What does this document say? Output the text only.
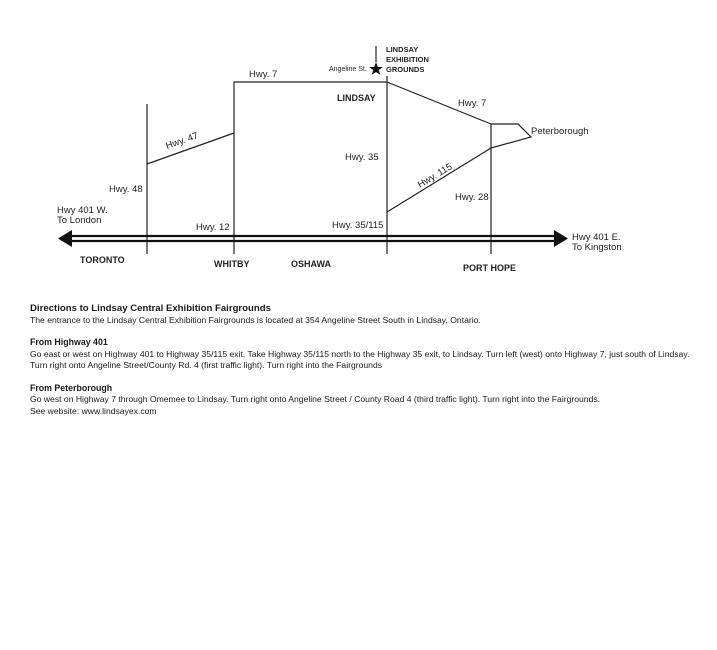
LINDSAY
EXHIBITION
GROUNDS
Angeline St.
LINDSAY
Hwy. 7
Hwy. 7
Peterborough
Hwy. 47
Hwy. 35
Hwy. 115
Hwy. 48
Hwy. 28
Hwy 401 W.
To London
Hwy. 12	Hwy. 35/115
Hwy 401 E.
To Kingston
TORONTO	WHITBY	OSHAWA	PORT HOPE
Directions to Lindsay Central Exhibition Fairgrounds

The entrance to the Lindsay Central Exhibition Fairgrounds is located at 354 Angeline Street South in Lindsay, Ontario.

From Highway 401

Go east or west on Highway 401 to Highway 35/115 exit. Take Highway 35/115 north to the Highway 35 exit, to Lindsay. Turn left (west) onto Highway 7, just south of Lindsay. Turn right onto Angeline Street/County Rd. 4 (first traffic light). Turn right into the Fairgrounds

From Peterborough

Go west on Highway 7 through Omemee to Lindsay. Turn right onto Angeline Street / County Road 4 (third traffic light). Turn right into the Fairgrounds.

See website: www.lindsayex.com
